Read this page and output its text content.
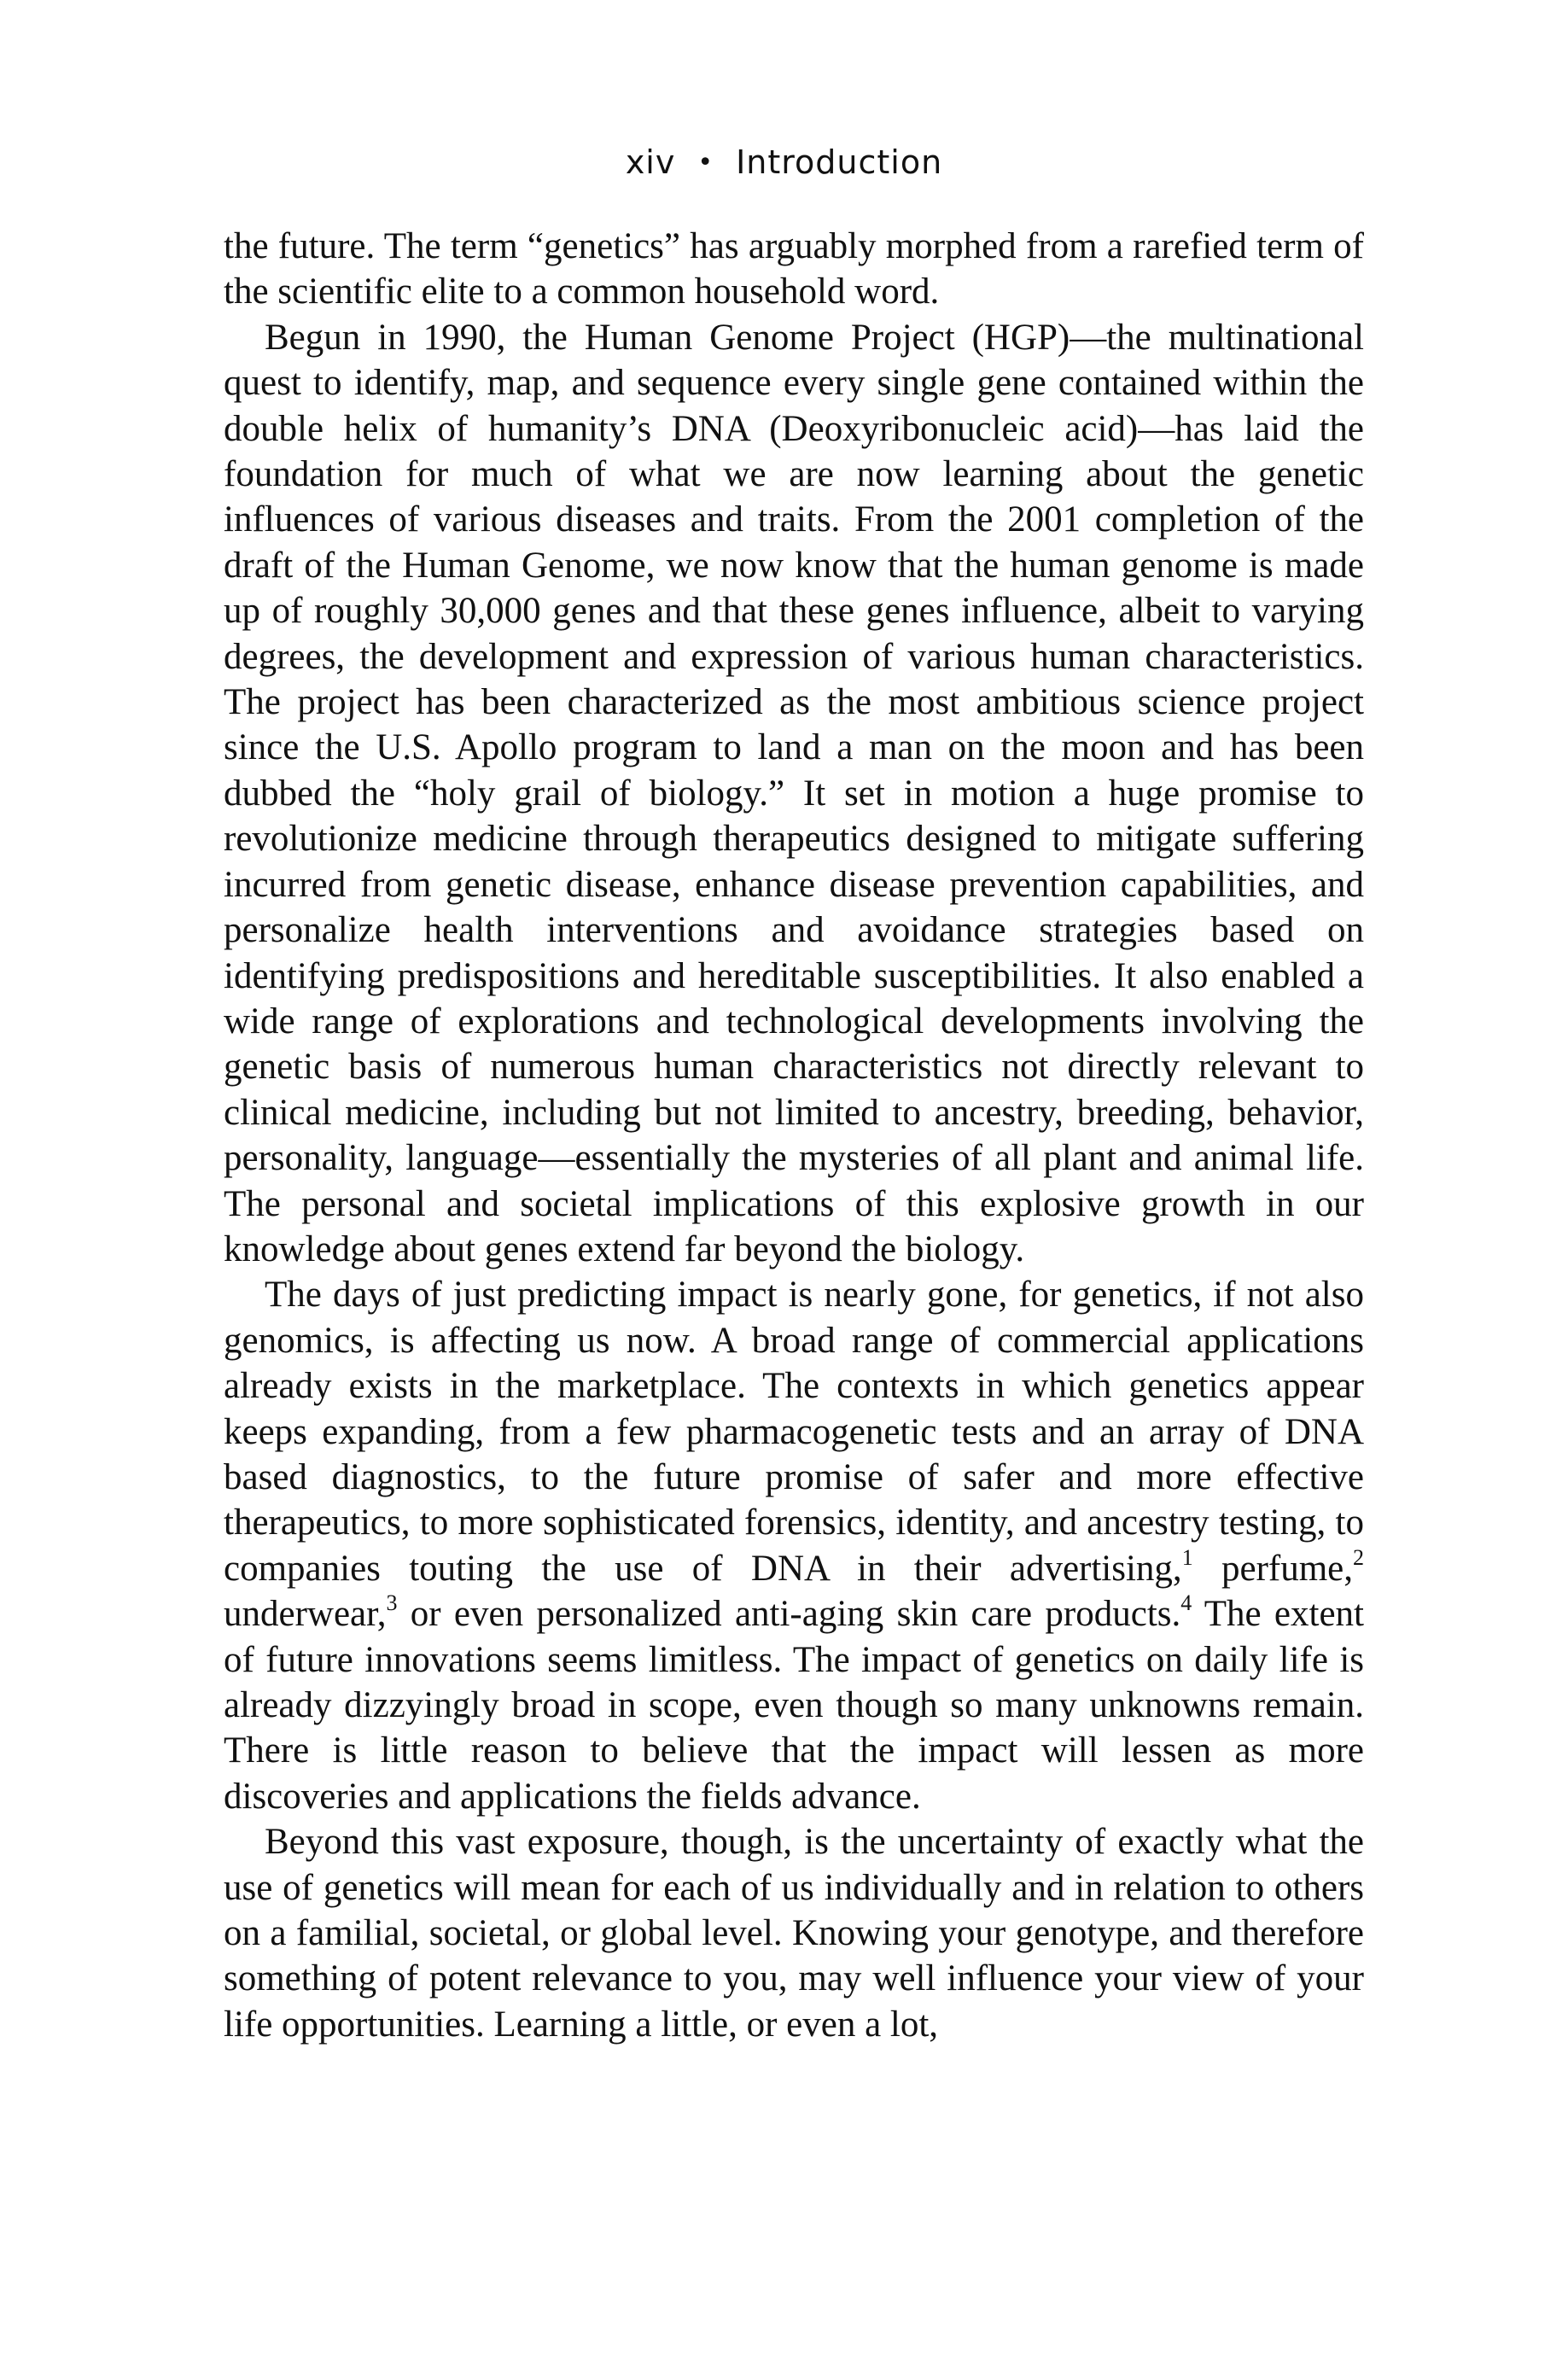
xiv • Introduction

the future. The term “genetics” has arguably morphed from a rarefied term of the scientific elite to a common household word.

Begun in 1990, the Human Genome Project (HGP)—the multinational quest to identify, map, and sequence every single gene contained within the double helix of humanity’s DNA (Deoxyribonucleic acid)—has laid the foundation for much of what we are now learning about the genetic influences of various diseases and traits. From the 2001 completion of the draft of the Human Genome, we now know that the human genome is made up of roughly 30,000 genes and that these genes influence, albeit to varying degrees, the development and expression of various human characteristics. The project has been characterized as the most ambitious science project since the U.S. Apollo program to land a man on the moon and has been dubbed the “holy grail of biology.” It set in motion a huge promise to revolutionize medicine through therapeutics designed to mitigate suffering incurred from genetic disease, enhance disease prevention capabilities, and personalize health interventions and avoidance strategies based on identifying predispositions and hereditable susceptibilities. It also enabled a wide range of explorations and technological developments involving the genetic basis of numerous human characteristics not directly relevant to clinical medicine, including but not limited to ancestry, breeding, behavior, personality, language—essentially the mysteries of all plant and animal life. The personal and societal implications of this explosive growth in our knowledge about genes extend far beyond the biology.

The days of just predicting impact is nearly gone, for genetics, if not also genomics, is affecting us now. A broad range of commercial applications already exists in the marketplace. The contexts in which genetics appear keeps expanding, from a few pharmacogenetic tests and an array of DNA based diagnostics, to the future promise of safer and more effective therapeutics, to more sophisticated forensics, identity, and ancestry testing, to companies touting the use of DNA in their advertising,$^1$ perfume,$^2$ underwear,$^3$ or even personalized anti-aging skin care products.$^4$ The extent of future innovations seems limitless. The impact of genetics on daily life is already dizzyingly broad in scope, even though so many unknowns remain. There is little reason to believe that the impact will lessen as more discoveries and applications the fields advance.

Beyond this vast exposure, though, is the uncertainty of exactly what the use of genetics will mean for each of us individually and in relation to others on a familial, societal, or global level. Knowing your genotype, and therefore something of potent relevance to you, may well influence your view of your life opportunities. Learning a little, or even a lot,
